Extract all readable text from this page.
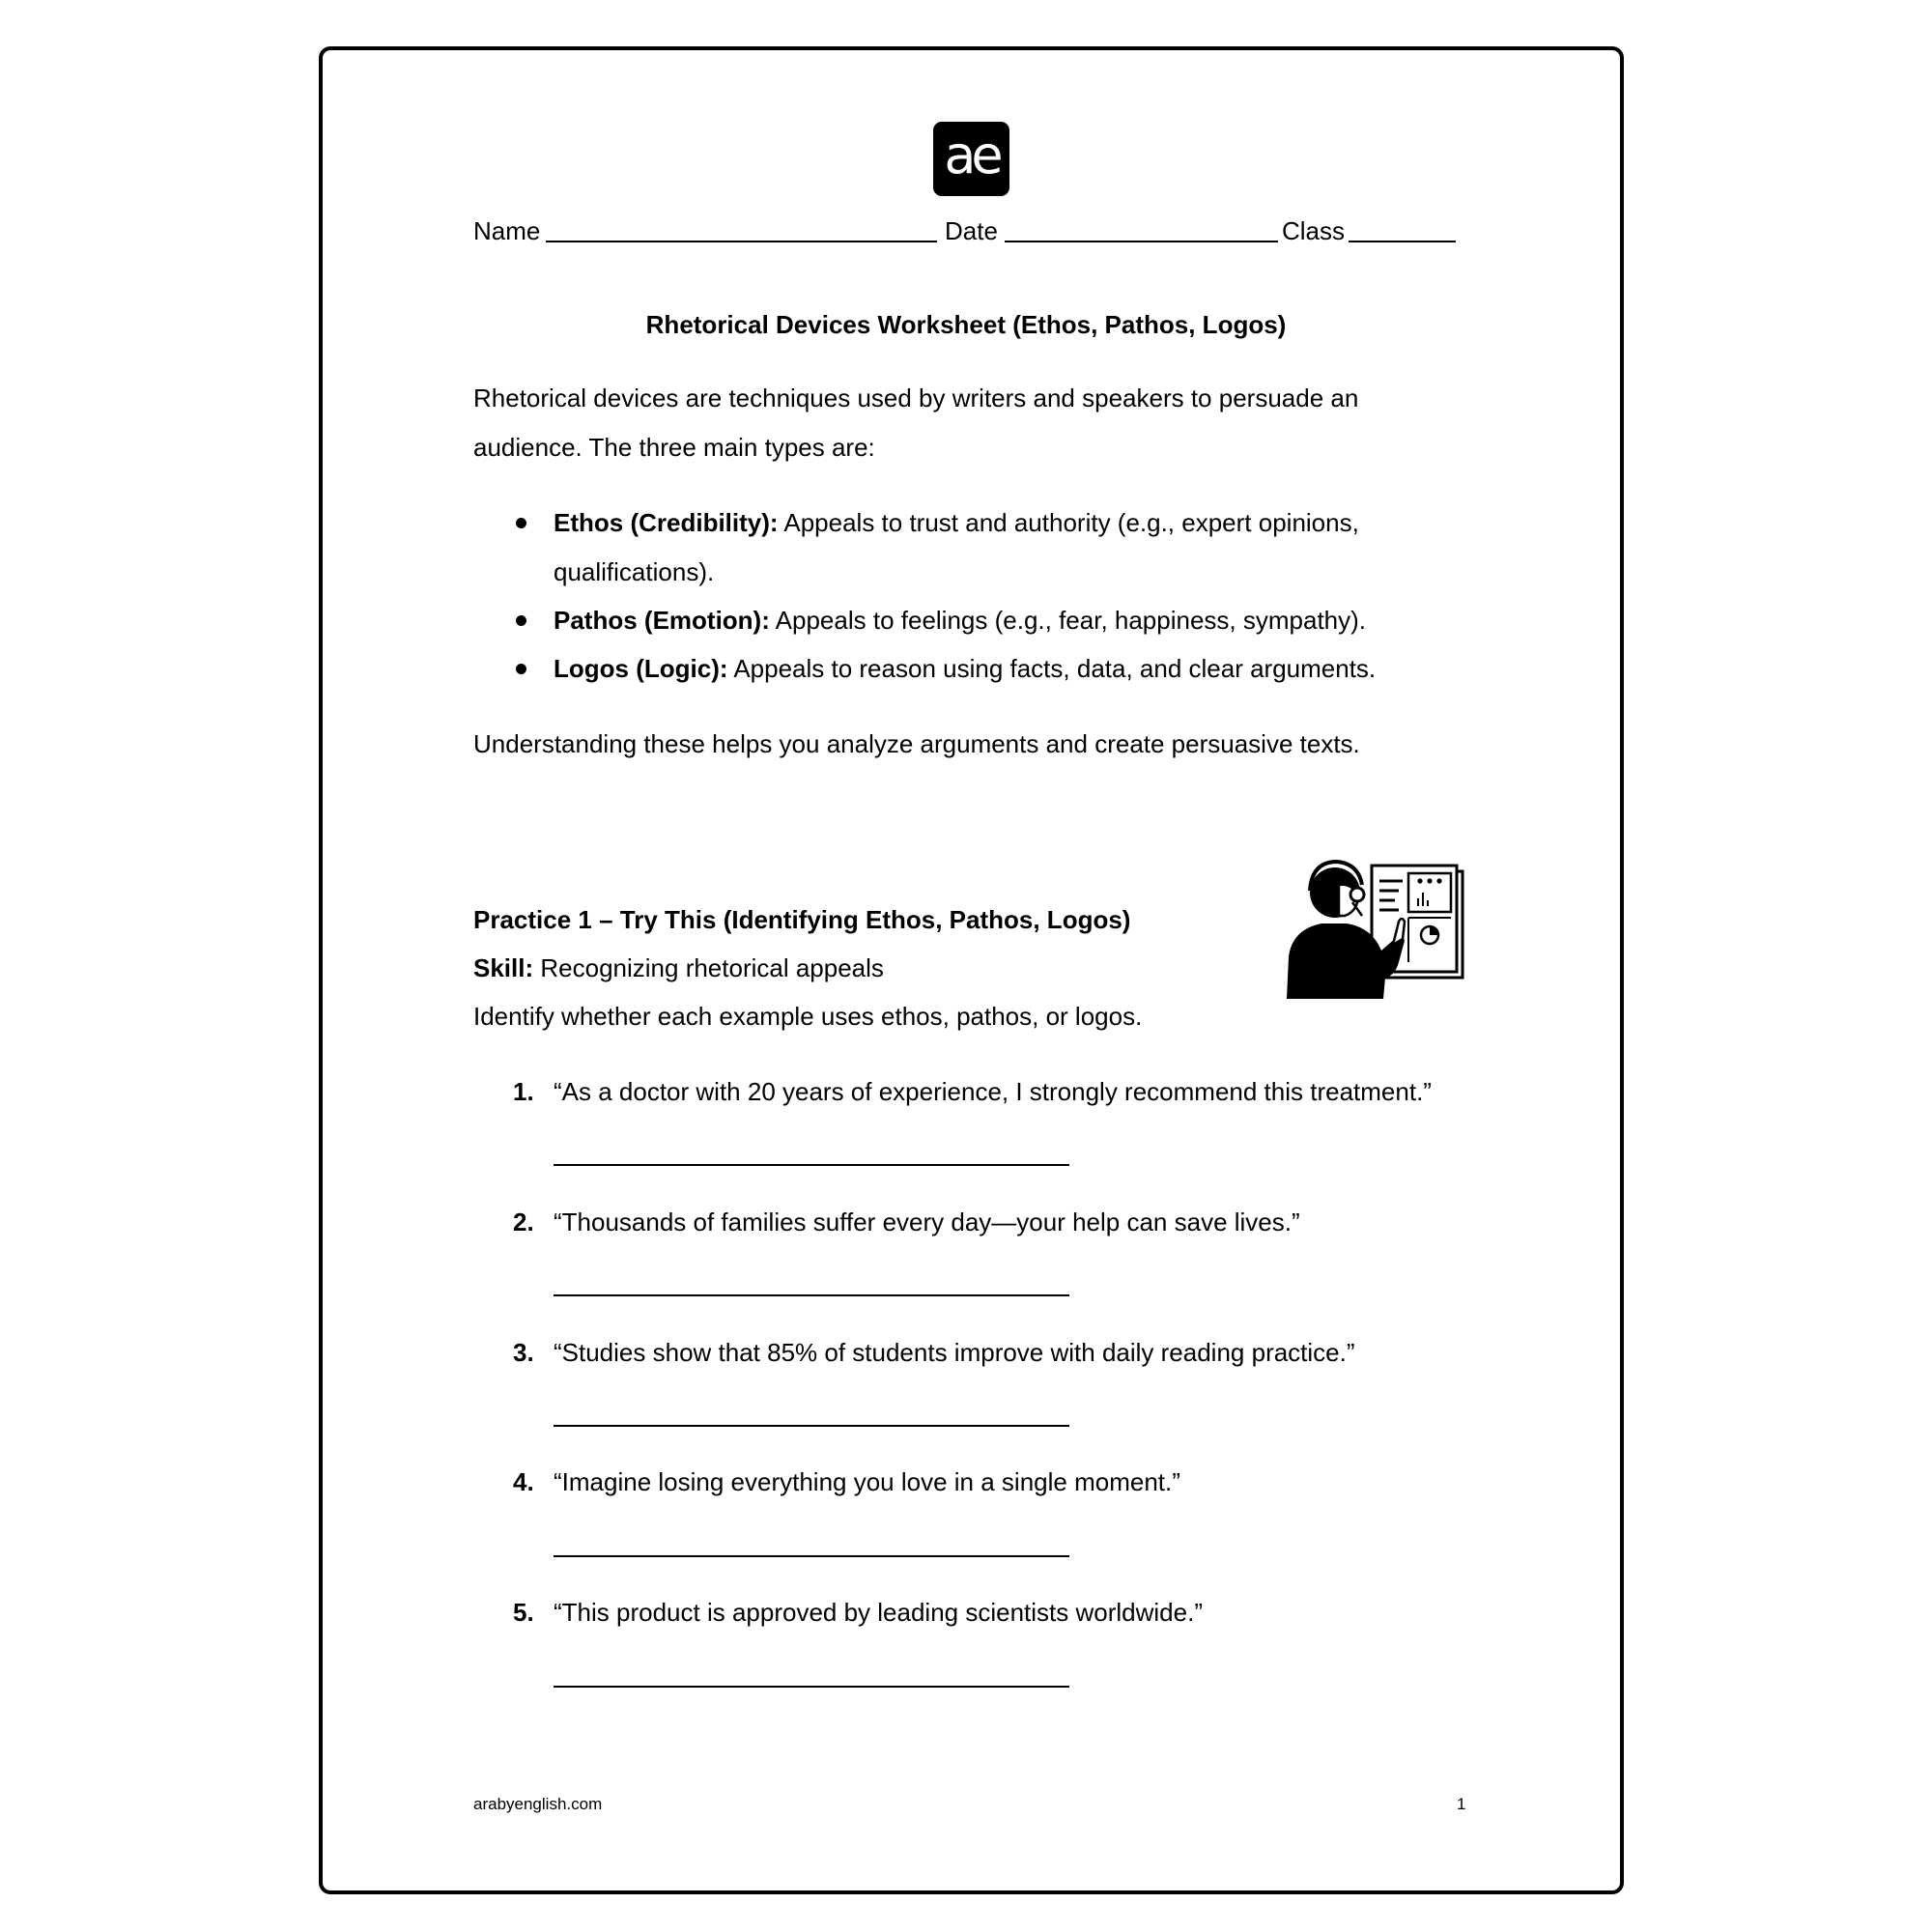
ae
Name	Date	Class
Rhetorical Devices Worksheet (Ethos, Pathos, Logos)
Rhetorical devices are techniques used by writers and speakers to persuade an
audience. The three main types are:
Ethos (Credibility): Appeals to trust and authority (e.g., expert opinions,
qualifications).
Pathos (Emotion): Appeals to feelings (e.g., fear, happiness, sympathy).
Logos (Logic): Appeals to reason using facts, data, and clear arguments.
Understanding these helps you analyze arguments and create persuasive texts.
Practice 1 – Try This (Identifying Ethos, Pathos, Logos)
Skill: Recognizing rhetorical appeals
Identify whether each example uses ethos, pathos, or logos.
1. “As a doctor with 20 years of experience, I strongly recommend this treatment.”
2. “Thousands of families suffer every day—your help can save lives.”
3. “Studies show that 85% of students improve with daily reading practice.”
4. “Imagine losing everything you love in a single moment.”
5. “This product is approved by leading scientists worldwide.”
arabyenglish.com	1
